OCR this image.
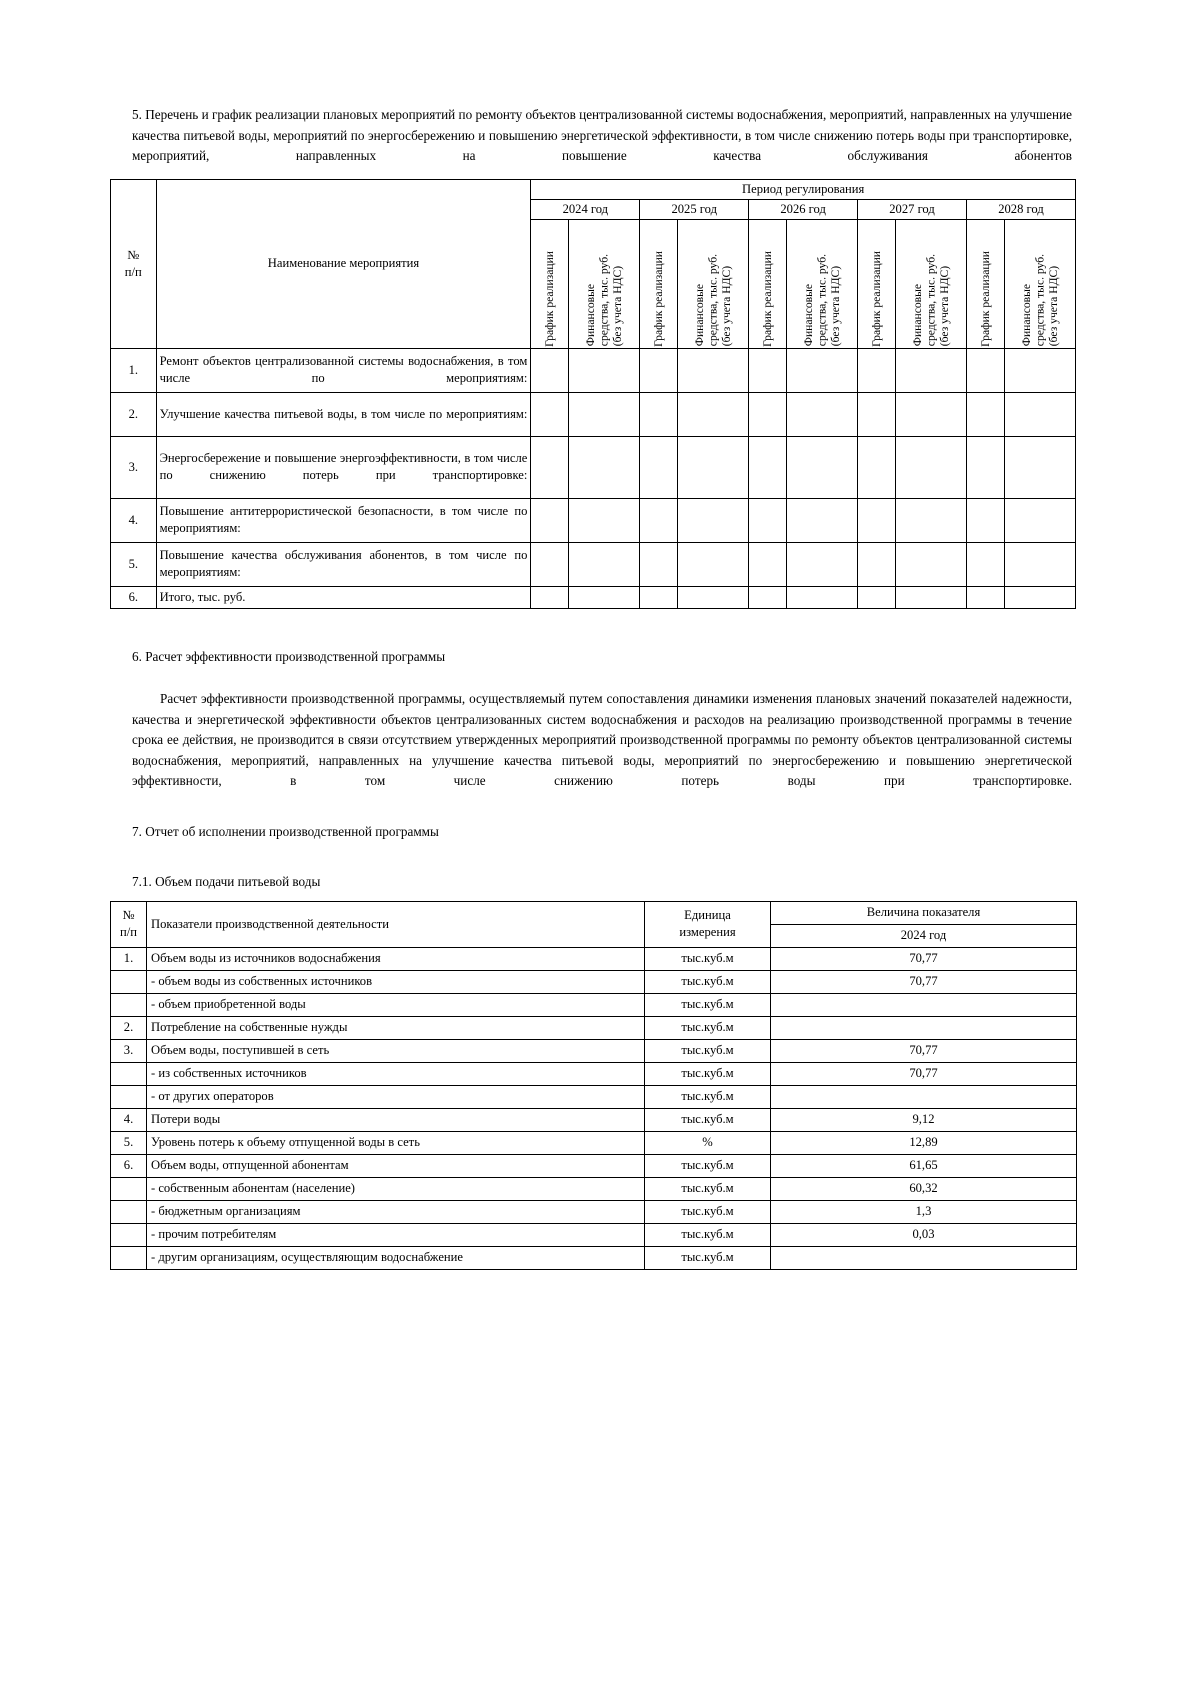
5. Перечень и график реализации плановых мероприятий по ремонту объектов централизованной системы водоснабжения, мероприятий, направленных на улучшение качества питьевой воды, мероприятий по энергосбережению и повышению энергетической эффективности, в том числе снижению потерь воды при транспортировке, мероприятий, направленных на повышение качества обслуживания абонентов

№
п/п	Наименование мероприятия	Период регулирования									
		2024 год		2025 год		2026 год		2027 год		2028 год	

		График реализации	Финансовые средства, тыс. руб. (без учета НДС)	График реализации	Финансовые средства, тыс. руб. (без учета НДС)	График реализации	Финансовые средства, тыс. руб. (без учета НДС)	График реализации	Финансовые средства, тыс. руб. (без учета НДС)	График реализации	Финансовые средства, тыс. руб. (без учета НДС)

1.	Ремонт объектов централизованной системы водоснабжения, в том числе по мероприятиям:										
2.	Улучшение качества питьевой воды, в том числе по мероприятиям:										
3.	Энергосбережение и повышение энергоэффективности, в том числе по снижению потерь при транспортировке:										
4.	Повышение антитеррористической безопасности, в том числе по мероприятиям:										
5.	Повышение качества обслуживания абонентов, в том числе по мероприятиям:										
6.	Итого, тыс. руб.										
6. Расчет эффективности производственной программы

Расчет эффективности производственной программы, осуществляемый путем сопоставления динамики изменения плановых значений показателей надежности, качества и энергетической эффективности объектов централизованных систем водоснабжения и расходов на реализацию производственной программы в течение срока ее действия, не производится в связи отсутствием утвержденных мероприятий производственной программы по ремонту объектов централизованной системы водоснабжения, мероприятий, направленных на улучшение качества питьевой воды, мероприятий по энергосбережению и повышению энергетической эффективности, в том числе снижению потерь воды при транспортировке.

7. Отчет об исполнении производственной программы
7.1. Объем подачи питьевой воды
№
п/п
	Показатели производственной деятельности	
Единица
измерения
	Величина показателя
			2024 год
1.	Объем воды из источников водоснабжения	тыс.куб.м	70,77
	- объем воды из собственных источников	тыс.куб.м	70,77
	- объем приобретенной воды	тыс.куб.м	
2.	Потребление на собственные нужды	тыс.куб.м	
3.	Объем воды, поступившей в сеть	тыс.куб.м	70,77
	- из собственных источников	тыс.куб.м	70,77
	- от других операторов	тыс.куб.м	
4.	Потери воды	тыс.куб.м	9,12
5.	Уровень потерь к объему отпущенной воды в сеть	%	12,89
6.	Объем воды, отпущенной абонентам	тыс.куб.м	61,65
	- собственным абонентам (население)	тыс.куб.м	60,32
	- бюджетным организациям	тыс.куб.м	1,3
	- прочим потребителям	тыс.куб.м	0,03
	- другим организациям, осуществляющим водоснабжение	тыс.куб.м	
